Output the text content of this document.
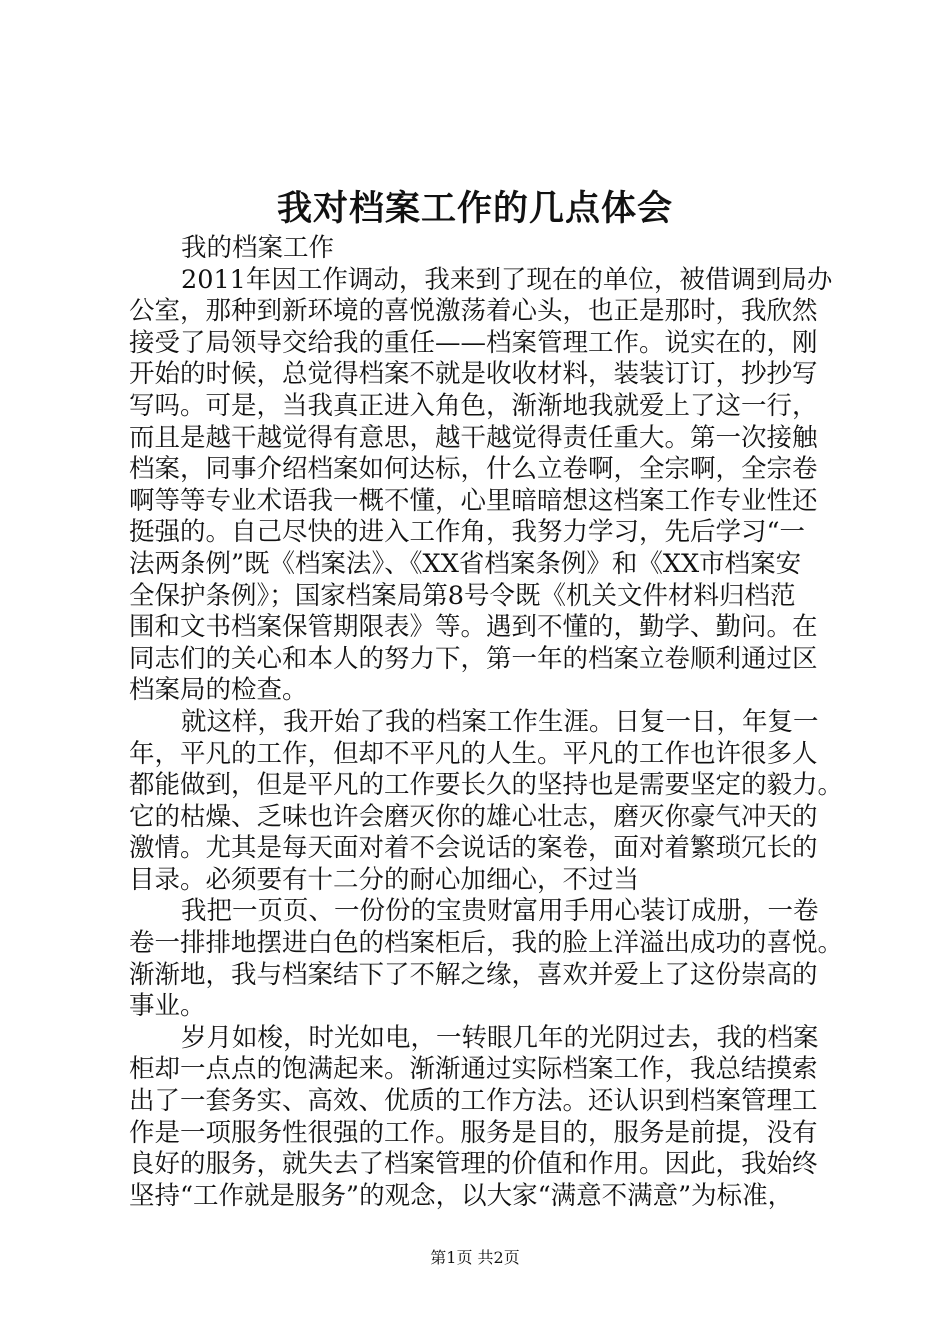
我对档案工作的几点体会
我的档案工作
2011年因工作调动，我来到了现在的单位，被借调到局办
公室，那种到新环境的喜悦激荡着心头，也正是那时，我欣然
接受了局领导交给我的重任——档案管理工作。说实在的，刚
开始的时候，总觉得档案不就是收收材料，装装订订，抄抄写
写吗。可是，当我真正进入角色，渐渐地我就爱上了这一行，
而且是越干越觉得有意思，越干越觉得责任重大。第一次接触
档案，同事介绍档案如何达标，什么立卷啊，全宗啊，全宗卷
啊等等专业术语我一概不懂，心里暗暗想这档案工作专业性还
挺强的。自己尽快的进入工作角，我努力学习，先后学习“一
法两条例”既《档案法》、《XX省档案条例》和《XX市档案安
全保护条例》；国家档案局第8号令既《机关文件材料归档范
围和文书档案保管期限表》等。遇到不懂的，勤学、勤问。在
同志们的关心和本人的努力下，第一年的档案立卷顺利通过区
档案局的检查。
就这样，我开始了我的档案工作生涯。日复一日，年复一
年，平凡的工作，但却不平凡的人生。平凡的工作也许很多人
都能做到，但是平凡的工作要长久的坚持也是需要坚定的毅力。
它的枯燥、乏味也许会磨灭你的雄心壮志，磨灭你豪气冲天的
激情。尤其是每天面对着不会说话的案卷，面对着繁琐冗长的
目录。必须要有十二分的耐心加细心，不过当
我把一页页、一份份的宝贵财富用手用心装订成册，一卷
卷一排排地摆进白色的档案柜后，我的脸上洋溢出成功的喜悦。
渐渐地，我与档案结下了不解之缘，喜欢并爱上了这份崇高的
事业。
岁月如梭，时光如电，一转眼几年的光阴过去，我的档案
柜却一点点的饱满起来。渐渐通过实际档案工作，我总结摸索
出了一套务实、高效、优质的工作方法。还认识到档案管理工
作是一项服务性很强的工作。服务是目的，服务是前提，没有
良好的服务，就失去了档案管理的价值和作用。因此，我始终
坚持“工作就是服务”的观念，以大家“满意不满意”为标准，
第1页 共2页
